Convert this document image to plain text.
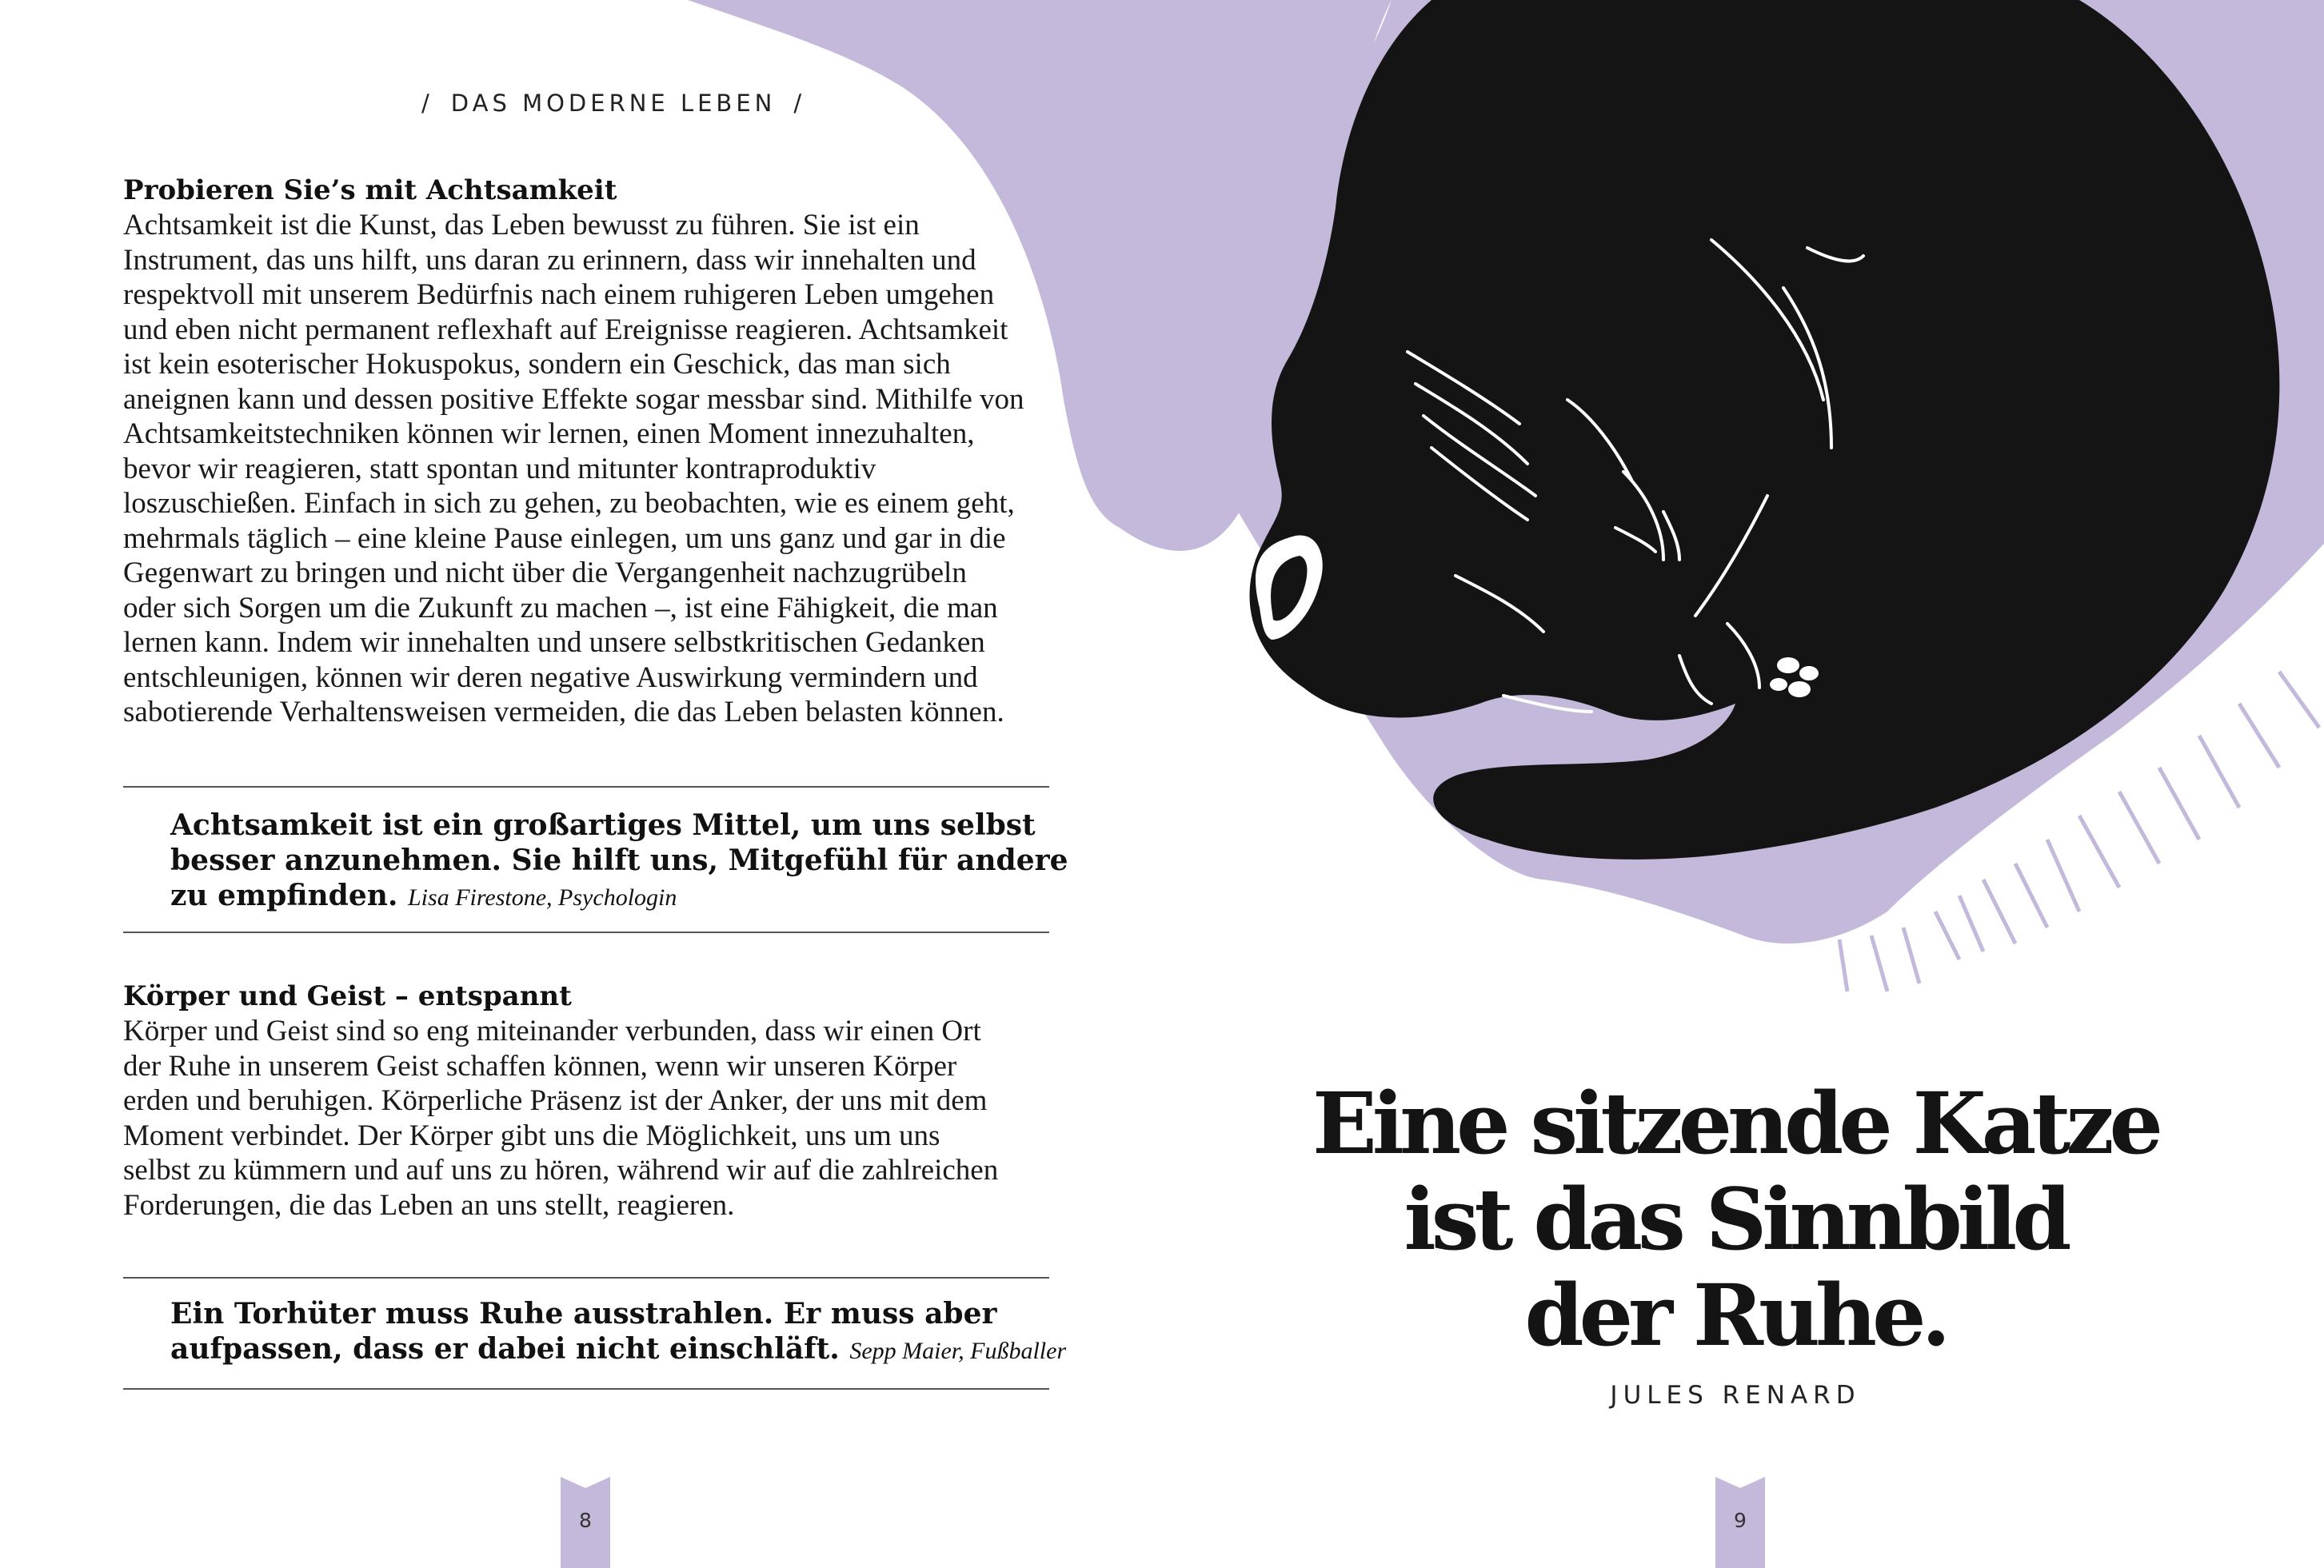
/ DAS MODERNE LEBEN /
Probieren Sie’s mit Achtsamkeit
Achtsamkeit ist die Kunst, das Leben bewusst zu führen. Sie ist ein
Instrument, das uns hilft, uns daran zu erinnern, dass wir innehalten und
respektvoll mit unserem Bedürfnis nach einem ruhigeren Leben umgehen
und eben nicht permanent reflexhaft auf Ereignisse reagieren. Achtsamkeit
ist kein esoterischer Hokuspokus, sondern ein Geschick, das man sich
aneignen kann und dessen positive Effekte sogar messbar sind. Mithilfe von
Achtsamkeitstechniken können wir lernen, einen Moment innezuhalten,
bevor wir reagieren, statt spontan und mitunter kontraproduktiv
loszuschießen. Einfach in sich zu gehen, zu beobachten, wie es einem geht,
mehrmals täglich – eine kleine Pause einlegen, um uns ganz und gar in die
Gegenwart zu bringen und nicht über die Vergangenheit nachzugrübeln
oder sich Sorgen um die Zukunft zu machen –, ist eine Fähigkeit, die man
lernen kann. Indem wir innehalten und unsere selbstkritischen Gedanken
entschleunigen, können wir deren negative Auswirkung vermindern und
sabotierende Verhaltensweisen vermeiden, die das Leben belasten können.
Achtsamkeit ist ein großartiges Mittel, um uns selbst
besser anzunehmen. Sie hilft uns, Mitgefühl für andere
zu empfinden. Lisa Firestone, Psychologin
Körper und Geist – entspannt
Körper und Geist sind so eng miteinander verbunden, dass wir einen Ort
der Ruhe in unserem Geist schaffen können, wenn wir unseren Körper
erden und beruhigen. Körperliche Präsenz ist der Anker, der uns mit dem
Moment verbindet. Der Körper gibt uns die Möglichkeit, uns um uns
selbst zu kümmern und auf uns zu hören, während wir auf die zahlreichen
Forderungen, die das Leben an uns stellt, reagieren.
Ein Torhüter muss Ruhe ausstrahlen. Er muss aber
aufpassen, dass er dabei nicht einschläft. Sepp Maier, Fußballer
Eine sitzende Katze
ist das Sinnbild
der Ruhe.
JULES RENARD
8	9
